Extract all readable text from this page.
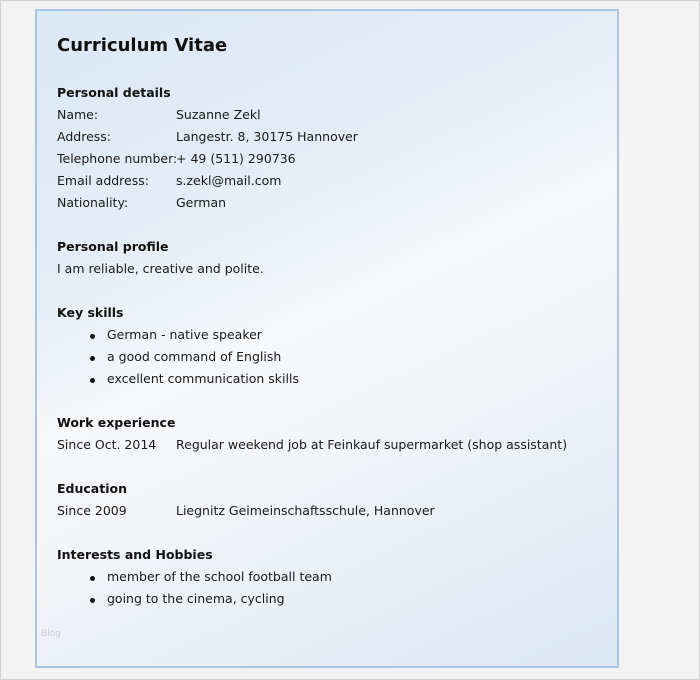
Curriculum Vitae
Personal details
Name:	Suzanne Zekl
Address:	Langestr. 8, 30175 Hannover
Telephone number:
+ 49 (511) 290736
Email address: s.zekl@mail.com
Nationality:	German
Personal profile
I am reliable, creative and polite.
Key skills
German - native speaker
a good command of English
excellent communication skills
Work experience
Since Oct. 2014 Regular weekend job at Feinkauf supermarket (shop assistant)
Education
Since 2009	Liegnitz Geimeinschaftsschule, Hannover
Interests and Hobbies
member of the school football team
going to the cinema, cycling
Blog
